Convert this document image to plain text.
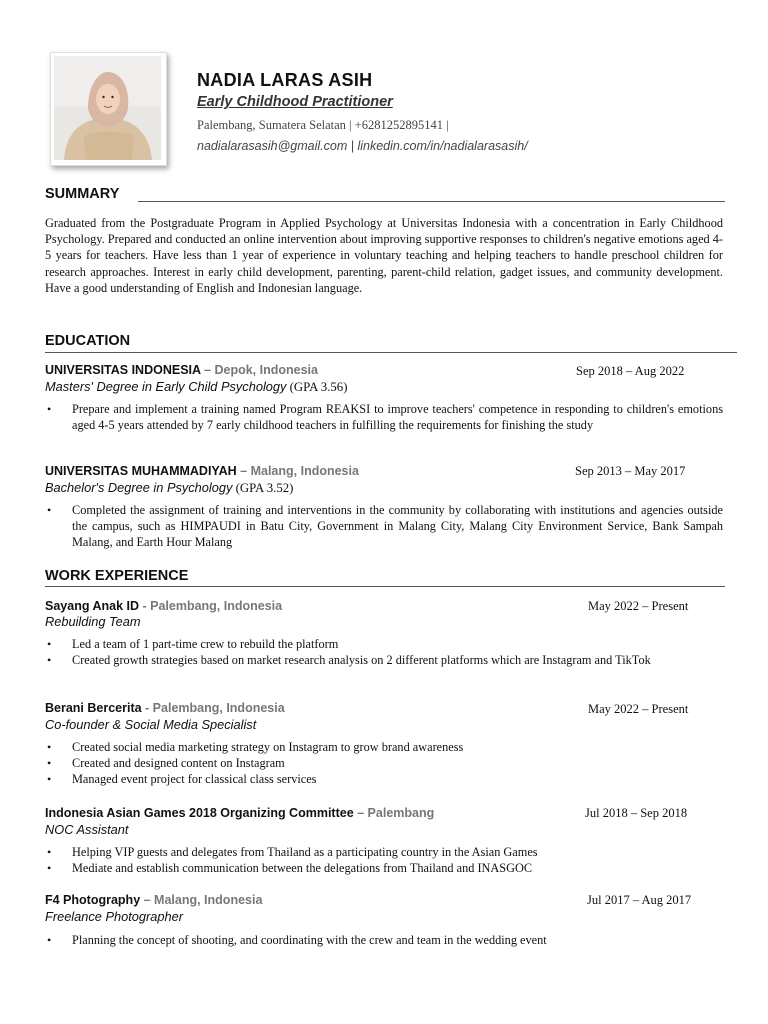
NADIA LARAS ASIH
Early Childhood Practitioner
Palembang, Sumatera Selatan | +6281252895141 |
nadialarasasih@gmail.com | linkedin.com/in/nadialarasasih/
SUMMARY

Graduated from the Postgraduate Program in Applied Psychology at Universitas Indonesia with a concentration in Early Childhood Psychology. Prepared and conducted an online intervention about improving supportive responses to children's negative emotions aged 4-5 years for teachers. Have less than 1 year of experience in voluntary teaching and helping teachers to handle preschool children for research approaches. Interest in early child development, parenting, parent-child relation, gadget issues, and community development. Have a good understanding of English and Indonesian language.

EDUCATION
UNIVERSITAS INDONESIA – Depok, Indonesia	Sep 2018 – Aug 2022
Masters' Degree in Early Child Psychology (GPA 3.56)
• Prepare and implement a training named Program REAKSI to improve teachers' competence in responding to children's emotions aged 4-5 years attended by 7 early childhood teachers in fulfilling the requirements for finishing the study
UNIVERSITAS MUHAMMADIYAH – Malang, Indonesia	Sep 2013 – May 2017
Bachelor's Degree in Psychology (GPA 3.52)
• Completed the assignment of training and interventions in the community by collaborating with institutions and agencies outside the campus, such as HIMPAUDI in Batu City, Government in Malang City, Malang City Environment Service, Bank Sampah Malang, and Earth Hour Malang
WORK EXPERIENCE
Sayang Anak ID - Palembang, Indonesia	May 2022 – Present
Rebuilding Team
• Led a team of 1 part-time crew to rebuild the platform
• Created growth strategies based on market research analysis on 2 different platforms which are Instagram and TikTok
Berani Bercerita - Palembang, Indonesia	May 2022 – Present
Co-founder & Social Media Specialist
• Created social media marketing strategy on Instagram to grow brand awareness
• Created and designed content on Instagram
• Managed event project for classical class services
Indonesia Asian Games 2018 Organizing Committee – Palembang	Jul 2018 – Sep 2018
NOC Assistant
• Helping VIP guests and delegates from Thailand as a participating country in the Asian Games
• Mediate and establish communication between the delegations from Thailand and INASGOC
F4 Photography – Malang, Indonesia	Jul 2017 – Aug 2017
Freelance Photographer
• Planning the concept of shooting, and coordinating with the crew and team in the wedding event
